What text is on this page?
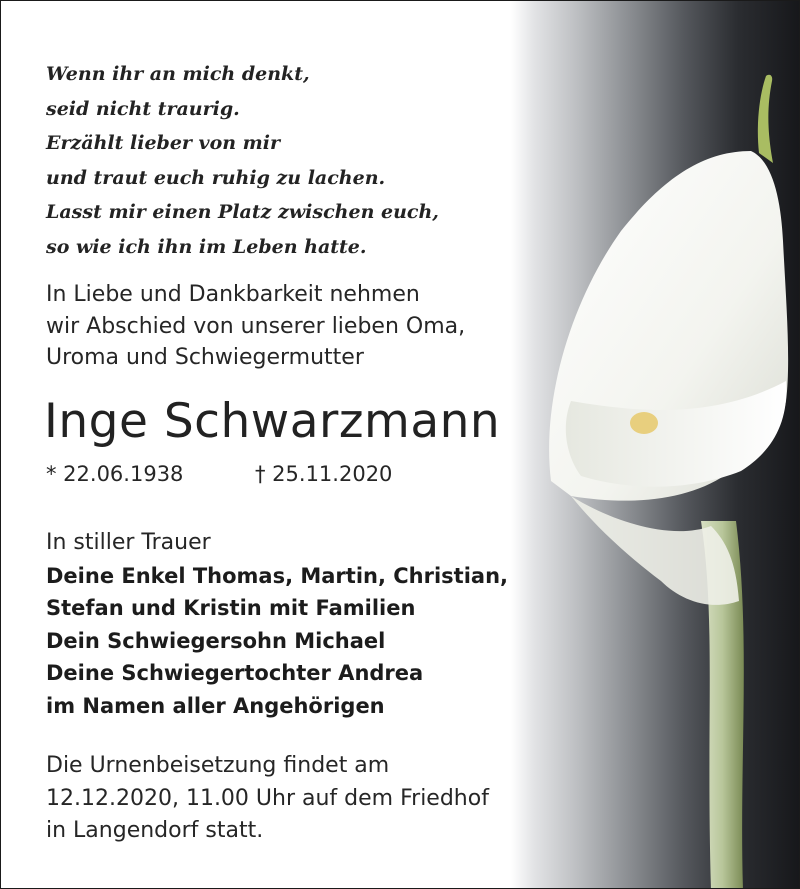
Wenn ihr an mich denkt,
seid nicht traurig.
Erzählt lieber von mir
und traut euch ruhig zu lachen.
Lasst mir einen Platz zwischen euch,
so wie ich ihn im Leben hatte.
In Liebe und Dankbarkeit nehmen
wir Abschied von unserer lieben Oma,
Uroma und Schwiegermutter
Inge Schwarzmann
* 22.06.1938	† 25.11.2020
In stiller Trauer
Deine Enkel Thomas, Martin, Christian,
Stefan und Kristin mit Familien
Dein Schwiegersohn Michael
Deine Schwiegertochter Andrea
im Namen aller Angehörigen
Die Urnenbeisetzung findet am
12.12.2020, 11.00 Uhr auf dem Friedhof
in Langendorf statt.
